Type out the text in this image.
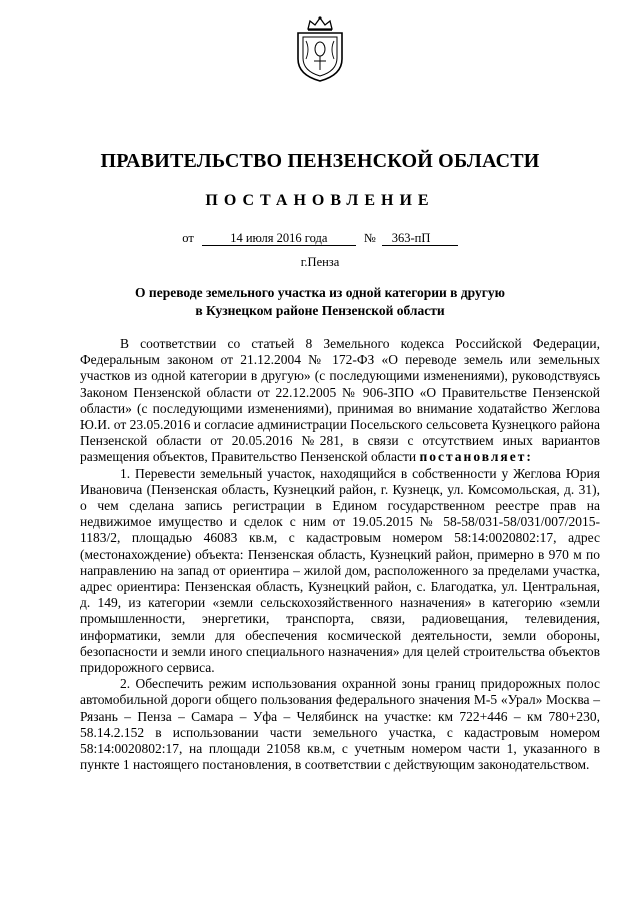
ПРАВИТЕЛЬСТВО ПЕНЗЕНСКОЙ ОБЛАСТИ
ПОСТАНОВЛЕНИЕ
от	14 июля 2016 года	№ 363-пП
г.Пенза
О переводе земельного участка из одной категории в другую
в Кузнецком районе Пензенской области

В соответствии со статьей 8 Земельного кодекса Российской Федерации, Федеральным законом от 21.12.2004 № 172-ФЗ «О переводе земель или земельных участков из одной категории в другую» (с последующими изменениями), руководствуясь Законом Пензенской области от 22.12.2005 № 906-ЗПО «О Правительстве Пензенской области» (с последующими изменениями), принимая во внимание ходатайство Жеглова Ю.И. от 23.05.2016 и согласие администрации Посельского сельсовета Кузнецкого района Пензенской области от 20.05.2016 №281, в связи с отсутствием иных вариантов размещения объектов, Правительство Пензенской области постановляет:

1. Перевести земельный участок, находящийся в собственности у Жеглова Юрия Ивановича (Пензенская область, Кузнецкий район, г. Кузнецк, ул. Комсомольская, д. 31), о чем сделана запись регистрации в Едином государственном реестре прав на недвижимое имущество и сделок с ним от 19.05.2015 № 58-58/031-58/031/007/2015-1183/2, площадью 46083 кв.м, с кадастровым номером 58:14:0020802:17, адрес (местонахождение) объекта: Пензенская область, Кузнецкий район, примерно в 970 м по направлению на запад от ориентира – жилой дом, расположенного за пределами участка, адрес ориентира: Пензенская область, Кузнецкий район, с. Благодатка, ул. Центральная, д. 149, из категории «земли сельскохозяйственного назначения» в категорию «земли промышленности, энергетики, транспорта, связи, радиовещания, телевидения, информатики, земли для обеспечения космической деятельности, земли обороны, безопасности и земли иного специального назначения» для целей строительства объектов придорожного сервиса.

2. Обеспечить режим использования охранной зоны границ придорожных полос автомобильной дороги общего пользования федерального значения М-5 «Урал» Москва – Рязань – Пенза – Самара – Уфа – Челябинск на участке: км 722+446 – км 780+230, 58.14.2.152 в использовании части земельного участка, с кадастровым номером 58:14:0020802:17, на площади 21058 кв.м, с учетным номером части 1, указанного в пункте 1 настоящего постановления, в соответствии с действующим законодательством.
